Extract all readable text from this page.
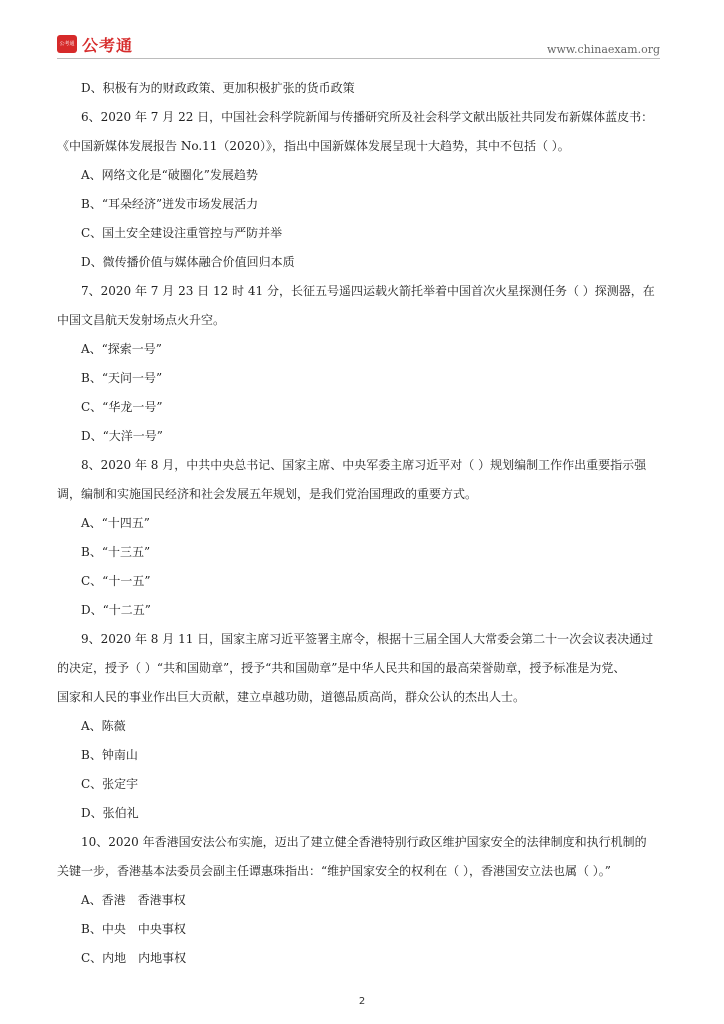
公考通 公考通	www.chinaexam.org
D、积极有为的财政政策、更加积极扩张的货币政策
6、2020 年 7 月 22 日，中国社会科学院新闻与传播研究所及社会科学文献出版社共同发布新媒体蓝皮书：
《中国新媒体发展报告 No.11（2020）》，指出中国新媒体发展呈现十大趋势，其中不包括（ ）。
A、网络文化是“破圈化”发展趋势
B、“耳朵经济”迸发市场发展活力
C、国土安全建设注重管控与严防并举
D、微传播价值与媒体融合价值回归本质
7、2020 年 7 月 23 日 12 时 41 分，长征五号遥四运载火箭托举着中国首次火星探测任务（ ）探测器，在
中国文昌航天发射场点火升空。
A、“探索一号”
B、“天问一号”
C、“华龙一号”
D、“大洋一号”
8、2020 年 8 月，中共中央总书记、国家主席、中央军委主席习近平对（ ）规划编制工作作出重要指示强
调，编制和实施国民经济和社会发展五年规划，是我们党治国理政的重要方式。
A、“十四五”
B、“十三五”
C、“十一五”
D、“十二五”
9、2020 年 8 月 11 日，国家主席习近平签署主席令，根据十三届全国人大常委会第二十一次会议表决通过
的决定，授予（ ）“共和国勋章”，授予“共和国勋章”是中华人民共和国的最高荣誉勋章，授予标准是为党、
国家和人民的事业作出巨大贡献，建立卓越功勋，道德品质高尚，群众公认的杰出人士。
A、陈薇
B、钟南山
C、张定宇
D、张伯礼
10、2020 年香港国安法公布实施，迈出了建立健全香港特别行政区维护国家安全的法律制度和执行机制的
关键一步，香港基本法委员会副主任谭惠珠指出：“维护国家安全的权利在（ ），香港国安立法也属（ ）。”
A、香港　香港事权
B、中央　中央事权
C、内地　内地事权
2
